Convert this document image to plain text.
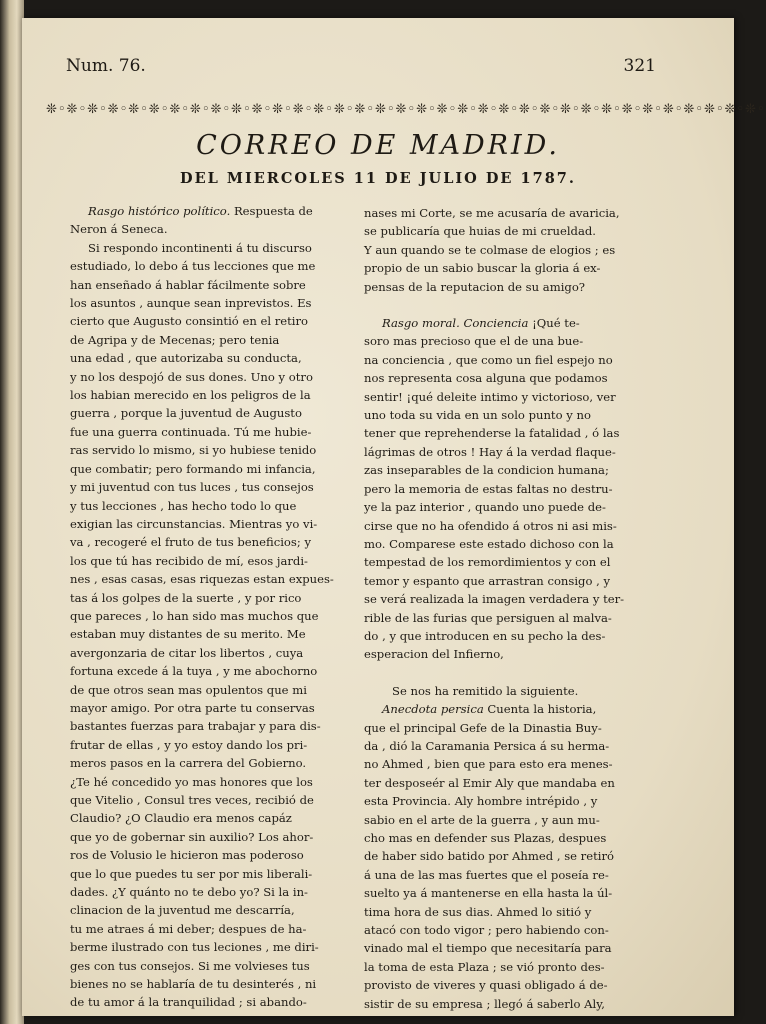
Num. 76.	321
❊◦❊◦❊◦❊◦❊◦❊◦❊◦❊◦❊◦❊◦❊◦❊◦❊◦❊◦❊◦❊◦❊◦❊◦❊◦❊◦❊◦❊◦❊◦❊◦❊◦❊◦❊◦❊◦❊◦❊◦❊◦❊◦❊◦❊◦❊◦
CORREO DE MADRID.
DEL MIERCOLES 11 DE JULIO DE 1787.
Rasgo histórico político. Respuesta de
Neron á Seneca.
Si respondo incontinenti á tu discurso
estudiado, lo debo á tus lecciones que me
han enseñado á hablar fácilmente sobre
los asuntos , aunque sean inprevistos. Es
cierto que Augusto consintió en el retiro
de Agripa y de Mecenas; pero tenia
una edad , que autorizaba su conducta,
y no los despojó de sus dones. Uno y otro
los habian merecido en los peligros de la
guerra , porque la juventud de Augusto
fue una guerra continuada. Tú me hubie-
ras servido lo mismo, si yo hubiese tenido
que combatir; pero formando mi infancia,
y mi juventud con tus luces , tus consejos
y tus lecciones , has hecho todo lo que
exigian las circunstancias. Mientras yo vi-
va , recogeré el fruto de tus beneficios; y
los que tú has recibido de mí, esos jardi-
nes , esas casas, esas riquezas estan expues-
tas á los golpes de la suerte , y por rico
que pareces , lo han sido mas muchos que
estaban muy distantes de su merito. Me
avergonzaria de citar los libertos , cuya
fortuna excede á la tuya , y me abochorno
de que otros sean mas opulentos que mi
mayor amigo. Por otra parte tu conservas
bastantes fuerzas para trabajar y para dis-
frutar de ellas , y yo estoy dando los pri-
meros pasos en la carrera del Gobierno.
¿Te hé concedido yo mas honores que los
que Vitelio , Consul tres veces, recibió de
Claudio? ¿O Claudio era menos capáz
que yo de gobernar sin auxilio? Los ahor-
ros de Volusio le hicieron mas poderoso
que lo que puedes tu ser por mis liberali-
dades. ¿Y quánto no te debo yo? Si la in-
clinacion de la juventud me descarría,
tu me atraes á mi deber; despues de ha-
berme ilustrado con tus leciones , me diri-
ges con tus consejos. Si me volvieses tus
bienes no se hablaría de tu desinterés , ni
de tu amor á la tranquilidad ; si abando-
nases mi Corte, se me acusaría de avaricia,
se publicaría que huias de mi crueldad.
Y aun quando se te colmase de elogios ; es
propio de un sabio buscar la gloria á ex-
pensas de la reputacion de su amigo?
Rasgo moral. Conciencia ¡Qué te-
soro mas precioso que el de una bue-
na conciencia , que como un fiel espejo no
nos representa cosa alguna que podamos
sentir! ¡qué deleite intimo y victorioso, ver
uno toda su vida en un solo punto y no
tener que reprehenderse la fatalidad , ó las
lágrimas de otros ! Hay á la verdad flaque-
zas inseparables de la condicion humana;
pero la memoria de estas faltas no destru-
ye la paz interior , quando uno puede de-
cirse que no ha ofendido á otros ni asi mis-
mo. Comparese este estado dichoso con la
tempestad de los remordimientos y con el
temor y espanto que arrastran consigo , y
se verá realizada la imagen verdadera y ter-
rible de las furias que persiguen al malva-
do , y que introducen en su pecho la des-
esperacion del Infierno,
Se nos ha remitido la siguiente.
Anecdota persica Cuenta la historia,
que el principal Gefe de la Dinastia Buy-
da , dió la Caramania Persica á su herma-
no Ahmed , bien que para esto era menes-
ter desposeér al Emir Aly que mandaba en
esta Provincia. Aly hombre intrépido , y
sabio en el arte de la guerra , y aun mu-
cho mas en defender sus Plazas, despues
de haber sido batido por Ahmed , se retiró
á una de las mas fuertes que el poseía re-
suelto ya á mantenerse en ella hasta la úl-
tima hora de sus dias. Ahmed lo sitió y
atacó con todo vigor ; pero habiendo con-
vinado mal el tiempo que necesitaría para
la toma de esta Plaza ; se vió pronto des-
provisto de viveres y quasi obligado á de-
sistir de su empresa ; llegó á saberlo Aly,
